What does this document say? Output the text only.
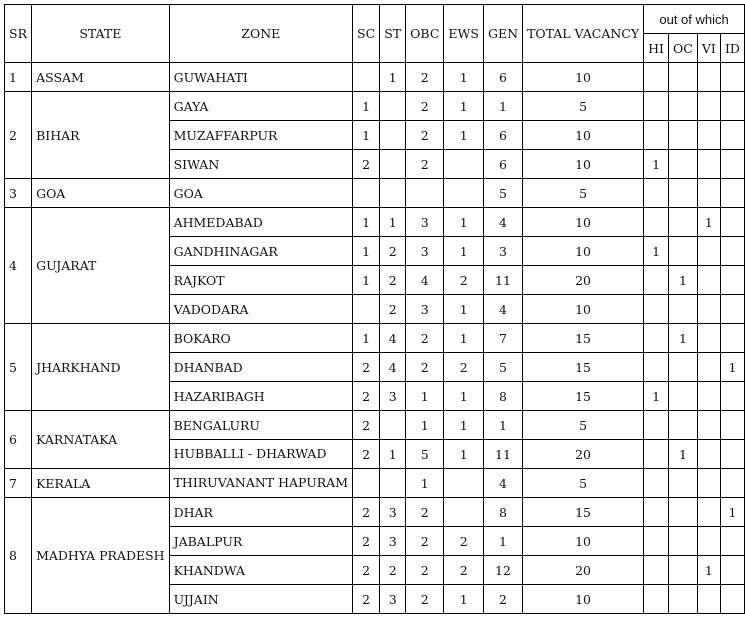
SR	STATE	ZONE	SC	ST	OBC	EWS	GEN	TOTAL VACANCY	out of which			
									HI	OC	VI	ID
1	ASSAM	GUWAHATI		1	2	1	6	10				
2	BIHAR	GAYA	1		2	1	1	5				
		MUZAFFARPUR	1		2	1	6	10				
		SIWAN	2		2		6	10	1			
3	GOA	GOA					5	5				
4	GUJARAT	AHMEDABAD	1	1	3	1	4	10			1	
		GANDHINAGAR	1	2	3	1	3	10	1			
		RAJKOT	1	2	4	2	11	20		1		
		VADODARA		2	3	1	4	10				
5	JHARKHAND	BOKARO	1	4	2	1	7	15		1		
		DHANBAD	2	4	2	2	5	15				1
		HAZARIBAGH	2	3	1	1	8	15	1			
6	KARNATAKA	BENGALURU	2		1	1	1	5				
		HUBBALLI - DHARWAD	2	1	5	1	11	20		1		
7	KERALA	THIRUVANANT HAPURAM			1		4	5				
8	MADHYA PRADESH	DHAR	2	3	2		8	15				1
		JABALPUR	2	3	2	2	1	10				
		KHANDWA	2	2	2	2	12	20			1	
		UJJAIN	2	3	2	1	2	10				
